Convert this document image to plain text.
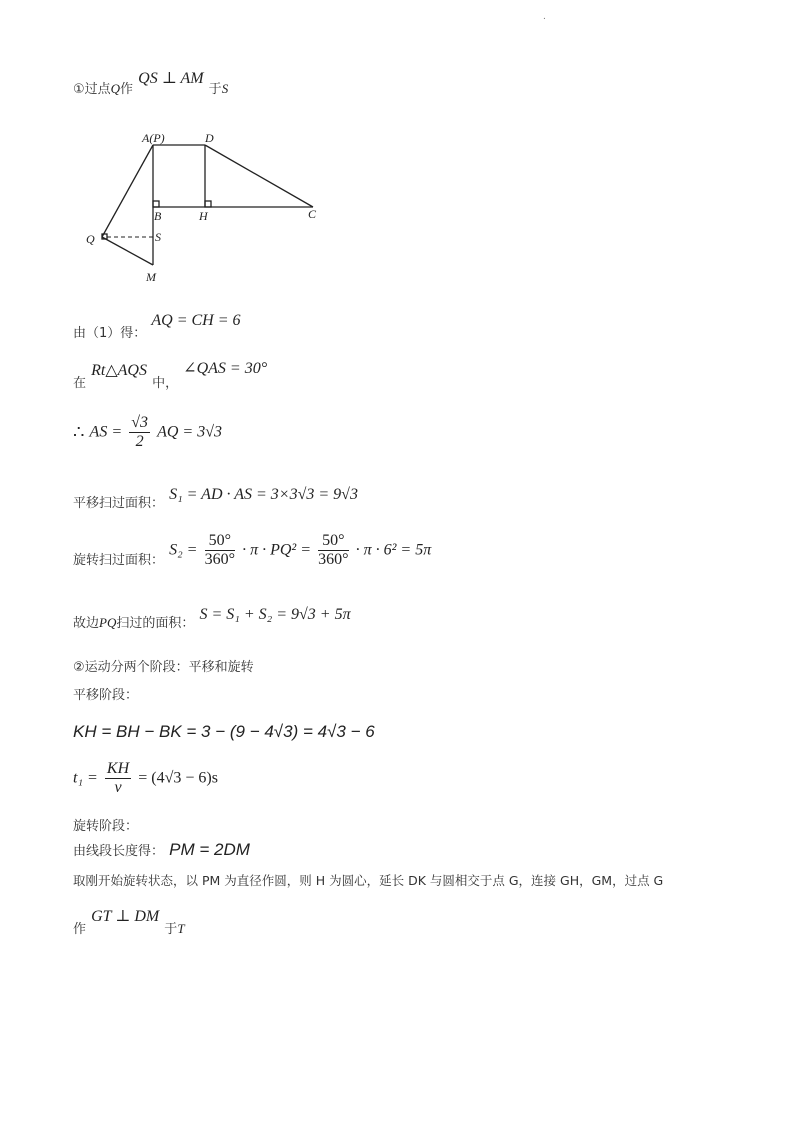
.
$_{①过点Q作}$ QS ⊥ AM $_{于S}$
A(P)	D
B	H	C
Q	S
M
$_{由(1)得:}$ AQ = CH = 6
$_在$ Rt△AQS $_{中,}$ ∠QAS = 30°
∴ AS = $\frac{√3}{2}$ AQ = 3√3
$_{平移扫过面积:}$ S₁ = AD · AS = 3×3√3 = 9√3
$_{旋转扫过面积:}$ $S_2 = \frac{50^\circ}{360^\circ} \cdot \pi \cdot PQ^2 = \frac{50^\circ}{360^\circ} \cdot \pi \cdot 6^2 = 5\pi$
$_{故边PQ扫过的面积:}$ S = S₁ + S₂ = 9√3 + 5π
②运动分两个阶段：平移和旋转
平移阶段：
KH = BH − BK = 3 − (9 − 4√3) = 4√3 − 6
$t_1 = \frac{KH}{v} = (4√3 - 6)s$
旋转阶段：
由线段长度得： PM = 2DM
取刚开始旋转状态，以 PM 为直径作圆，则 H 为圆心，延长 DK 与圆相交于点 G，连接 GH，GM，过点 G
$_作$ GT ⊥ DM $_{于T}$
